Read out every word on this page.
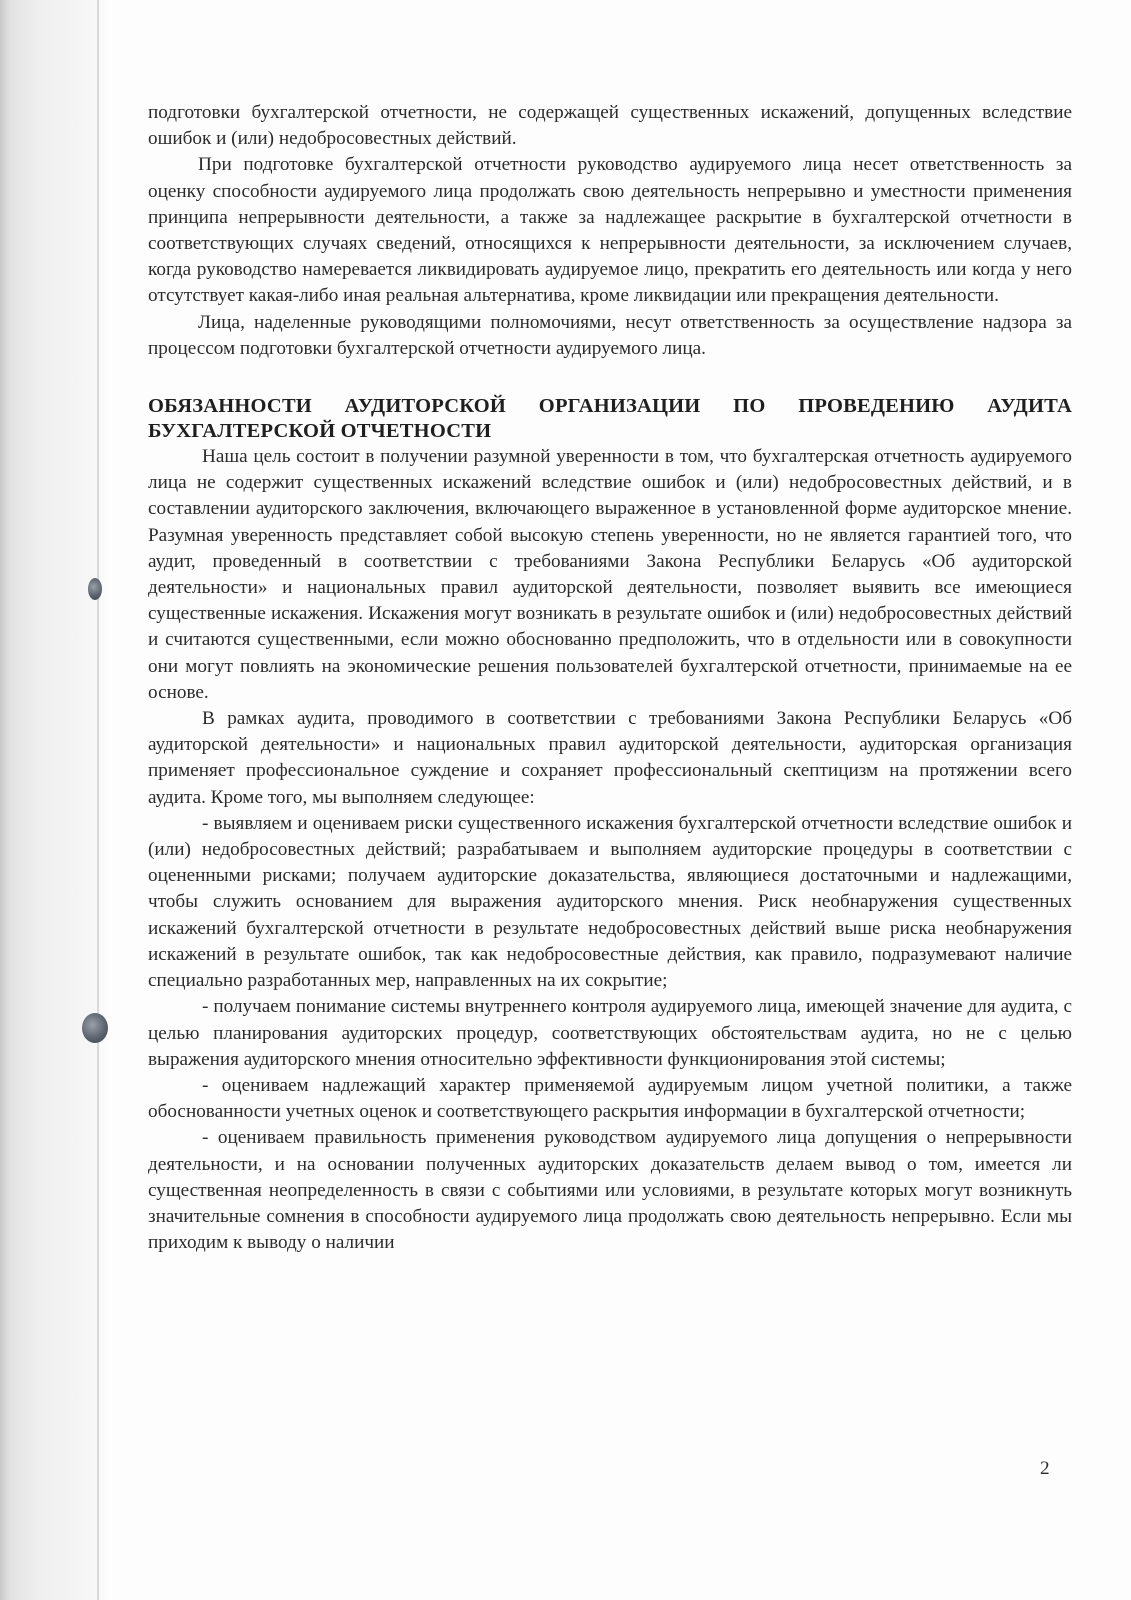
подготовки бухгалтерской отчетности, не содержащей существенных искажений, допущенных вследствие ошибок и (или) недобросовестных действий.

При подготовке бухгалтерской отчетности руководство аудируемого лица несет ответственность за оценку способности аудируемого лица продолжать свою деятельность непрерывно и уместности применения принципа непрерывности деятельности, а также за надлежащее раскрытие в бухгалтерской отчетности в соответствующих случаях сведений, относящихся к непрерывности деятельности, за исключением случаев, когда руководство намеревается ликвидировать аудируемое лицо, прекратить его деятельность или когда у него отсутствует какая-либо иная реальная альтернатива, кроме ликвидации или прекращения деятельности.

Лица, наделенные руководящими полномочиями, несут ответственность за осуществление надзора за процессом подготовки бухгалтерской отчетности аудируемого лица.

ОБЯЗАННОСТИ АУДИТОРСКОЙ ОРГАНИЗАЦИИ ПО ПРОВЕДЕНИЮ АУДИТА БУХГАЛТЕРСКОЙ ОТЧЕТНОСТИ

Наша цель состоит в получении разумной уверенности в том, что бухгалтерская отчетность аудируемого лица не содержит существенных искажений вследствие ошибок и (или) недобросовестных действий, и в составлении аудиторского заключения, включающего выраженное в установленной форме аудиторское мнение. Разумная уверенность представляет собой высокую степень уверенности, но не является гарантией того, что аудит, проведенный в соответствии с требованиями Закона Республики Беларусь «Об аудиторской деятельности» и национальных правил аудиторской деятельности, позволяет выявить все имеющиеся существенные искажения. Искажения могут возникать в результате ошибок и (или) недобросовестных действий и считаются существенными, если можно обоснованно предположить, что в отдельности или в совокупности они могут повлиять на экономические решения пользователей бухгалтерской отчетности, принимаемые на ее основе.

В рамках аудита, проводимого в соответствии с требованиями Закона Республики Беларусь «Об аудиторской деятельности» и национальных правил аудиторской деятельности, аудиторская организация применяет профессиональное суждение и сохраняет профессиональный скептицизм на протяжении всего аудита. Кроме того, мы выполняем следующее:

- выявляем и оцениваем риски существенного искажения бухгалтерской отчетности вследствие ошибок и (или) недобросовестных действий; разрабатываем и выполняем аудиторские процедуры в соответствии с оцененными рисками; получаем аудиторские доказательства, являющиеся достаточными и надлежащими, чтобы служить основанием для выражения аудиторского мнения. Риск необнаружения существенных искажений бухгалтерской отчетности в результате недобросовестных действий выше риска необнаружения искажений в результате ошибок, так как недобросовестные действия, как правило, подразумевают наличие специально разработанных мер, направленных на их сокрытие;

- получаем понимание системы внутреннего контроля аудируемого лица, имеющей значение для аудита, с целью планирования аудиторских процедур, соответствующих обстоятельствам аудита, но не с целью выражения аудиторского мнения относительно эффективности функционирования этой системы;

- оцениваем надлежащий характер применяемой аудируемым лицом учетной политики, а также обоснованности учетных оценок и соответствующего раскрытия информации в бухгалтерской отчетности;

- оцениваем правильность применения руководством аудируемого лица допущения о непрерывности деятельности, и на основании полученных аудиторских доказательств делаем вывод о том, имеется ли существенная неопределенность в связи с событиями или условиями, в результате которых могут возникнуть значительные сомнения в способности аудируемого лица продолжать свою деятельность непрерывно. Если мы приходим к выводу о наличии

2
